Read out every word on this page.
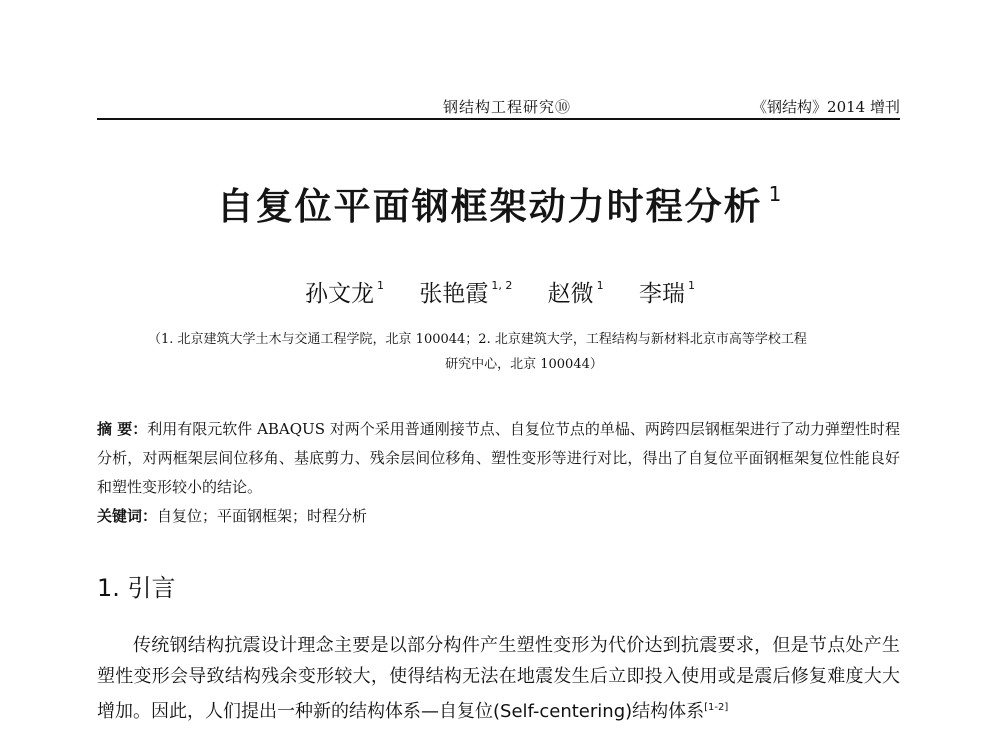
钢结构工程研究⑩	《钢结构》2014 增刊
自复位平面钢框架动力时程分析 $^1$
孙文龙 $^1$ 张艳霞 $^{1, 2}$ 赵微 $^1$ 李瑞 $^1$
（1. 北京建筑大学土木与交通工程学院，北京 100044；2. 北京建筑大学，工程结构与新材料北京市高等学校工程
研究中心，北京 100044）
摘 要：利用有限元软件 ABAQUS 对两个采用普通刚接节点、自复位节点的单榀、两跨四层钢框架进行了动力弹塑性时程分析，对两框架层间位移角、基底剪力、残余层间位移角、塑性变形等进行对比，得出了自复位平面钢框架复位性能良好和塑性变形较小的结论。
关键词：自复位；平面钢框架；时程分析
1. 引言

传统钢结构抗震设计理念主要是以部分构件产生塑性变形为代价达到抗震要求，但是节点处产生塑性变形会导致结构残余变形较大，使得结构无法在地震发生后立即投入使用或是震后修复难度大大增加。因此，人们提出一种新的结构体系—自复位(Self-centering)结构体系[1-2]
